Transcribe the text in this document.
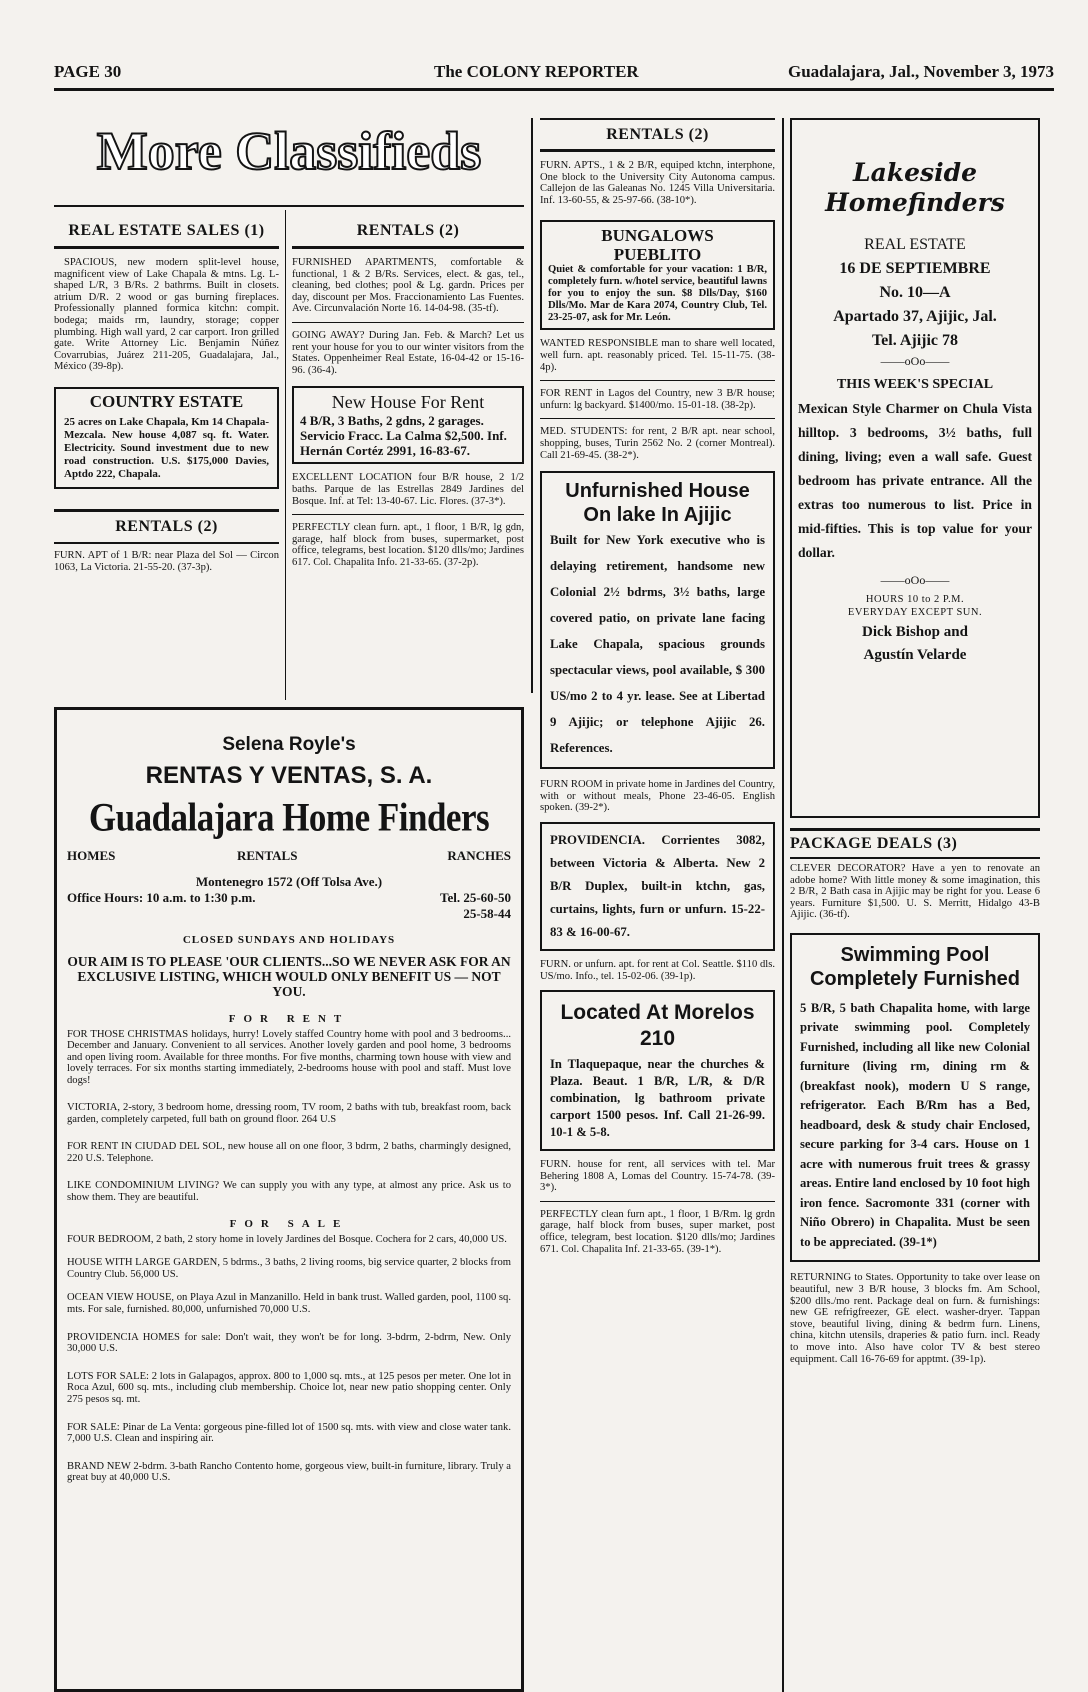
PAGE 30	The COLONY REPORTER	Guadalajara, Jal., November 3, 1973
More Classifieds
REAL ESTATE SALES (1)
SPACIOUS, new modern split-level house, magnificent view of Lake Chapala & mtns. Lg. L-shaped L/R, 3 B/Rs. 2 bathrms. Built in closets. atrium D/R. 2 wood or gas burning fireplaces. Professionally planned formica kitchn: compit. bodega; maids rm, laundry, storage; copper plumbing. High wall yard, 2 car carport. Iron grilled gate. Write Attorney Lic. Benjamin Núñez Covarrubias, Juárez 211-205, Guadalajara, Jal., México (39-8p).
COUNTRY ESTATE
25 acres on Lake Chapala, Km 14 Chapala-Mezcala. New house 4,087 sq. ft. Water. Electricity. Sound investment due to new road construction. U.S. $175,000 Davies, Aptdo 222, Chapala.
RENTALS (2)
FURN. APT of 1 B/R: near Plaza del Sol — Circon 1063, La Victoria. 21-55-20. (37-3p).
RENTALS (2)
FURNISHED APARTMENTS, comfortable & functional, 1 & 2 B/Rs. Services, elect. & gas, tel., cleaning, bed clothes; pool & Lg. gardn. Prices per day, discount per Mos. Fraccionamiento Las Fuentes. Ave. Circunvalación Norte 16. 14-04-98. (35-tf).
GOING AWAY? During Jan. Feb. & March? Let us rent your house for you to our winter visitors from the States. Oppenheimer Real Estate, 16-04-42 or 15-16-96. (36-4).
New House For Rent
4 B/R, 3 Baths, 2 gdns, 2 garages. Servicio Fracc. La Calma $2,500. Inf. Hernán Cortéz 2991, 16-83-67.
EXCELLENT LOCATION four B/R house, 2 1/2 baths. Parque de las Estrellas 2849 Jardines del Bosque. Inf. at Tel: 13-40-67. Lic. Flores. (37-3*).
PERFECTLY clean furn. apt., 1 floor, 1 B/R, lg gdn, garage, half block from buses, supermarket, post office, telegrams, best location. $120 dlls/mo; Jardines 617. Col. Chapalita Info. 21-33-65. (37-2p).
Selena Royle's
RENTAS Y VENTAS, S. A.
Guadalajara Home Finders
HOMES	RENTALS	RANCHES
Montenegro 1572 (Off Tolsa Ave.)
Office Hours: 10 a.m. to 1:30 p.m.	Tel. 25-60-50
25-58-44
CLOSED SUNDAYS AND HOLIDAYS
OUR AIM IS TO PLEASE 'OUR CLIENTS...SO WE NEVER ASK FOR AN EXCLUSIVE LISTING, WHICH WOULD ONLY BENEFIT US — NOT YOU.
FOR RENT
FOR THOSE CHRISTMAS holidays, hurry! Lovely staffed Country home with pool and 3 bedrooms... December and January. Convenient to all services. Another lovely garden and pool home, 3 bedrooms and open living room. Available for three months. For five months, charming town house with view and lovely terraces. For six months starting immediately, 2-bedrooms house with pool and staff. Must love dogs!
VICTORIA, 2-story, 3 bedroom home, dressing room, TV room, 2 baths with tub, breakfast room, back garden, completely carpeted, full bath on ground floor. 264 U.S
FOR RENT IN CIUDAD DEL SOL, new house all on one floor, 3 bdrm, 2 baths, charmingly designed, 220 U.S. Telephone.
LIKE CONDOMINIUM LIVING? We can supply you with any type, at almost any price. Ask us to show them. They are beautiful.
FOR SALE
FOUR BEDROOM, 2 bath, 2 story home in lovely Jardines del Bosque. Cochera for 2 cars, 40,000 US.
HOUSE WITH LARGE GARDEN, 5 bdrms., 3 baths, 2 living rooms, big service quarter, 2 blocks from Country Club. 56,000 US.
OCEAN VIEW HOUSE, on Playa Azul in Manzanillo. Held in bank trust. Walled garden, pool, 1100 sq. mts. For sale, furnished. 80,000, unfurnished 70,000 U.S.
PROVIDENCIA HOMES for sale: Don't wait, they won't be for long. 3-bdrm, 2-bdrm, New. Only 30,000 U.S.
LOTS FOR SALE: 2 lots in Galapagos, approx. 800 to 1,000 sq. mts., at 125 pesos per meter. One lot in Roca Azul, 600 sq. mts., including club membership. Choice lot, near new patio shopping center. Only 275 pesos sq. mt.
FOR SALE: Pinar de La Venta: gorgeous pine-filled lot of 1500 sq. mts. with view and close water tank. 7,000 U.S. Clean and inspiring air.
BRAND NEW 2-bdrm. 3-bath Rancho Contento home, gorgeous view, built-in furniture, library. Truly a great buy at 40,000 U.S.
RENTALS (2)
FURN. APTS., 1 & 2 B/R, equiped ktchn, interphone, One block to the University City Autonoma campus. Callejon de las Galeanas No. 1245 Villa Universitaria. Inf. 13-60-55, & 25-97-66. (38-10*).
BUNGALOWS PUEBLITO
Quiet & comfortable for your vacation: 1 B/R, completely furn. w/hotel service, beautiful lawns for you to enjoy the sun. $8 Dlls/Day, $160 Dlls/Mo. Mar de Kara 2074, Country Club, Tel. 23-25-07, ask for Mr. León.
WANTED RESPONSIBLE man to share well located, well furn. apt. reasonably priced. Tel. 15-11-75. (38-4p).
FOR RENT in Lagos del Country, new 3 B/R house; unfurn: lg backyard. $1400/mo. 15-01-18. (38-2p).
MED. STUDENTS: for rent, 2 B/R apt. near school, shopping, buses, Turin 2562 No. 2 (corner Montreal). Call 21-69-45. (38-2*).
Unfurnished House On lake In Ajijic
Built for New York executive who is delaying retirement, handsome new Colonial 2½ bdrms, 3½ baths, large covered patio, on private lane facing Lake Chapala, spacious grounds spectacular views, pool available, $ 300 US/mo 2 to 4 yr. lease. See at Libertad 9 Ajijic; or telephone Ajijic 26. References.
FURN ROOM in private home in Jardines del Country, with or without meals, Phone 23-46-05. English spoken. (39-2*).
PROVIDENCIA. Corrientes 3082, between Victoria & Alberta. New 2 B/R Duplex, built-in ktchn, gas, curtains, lights, furn or unfurn. 15-22-83 & 16-00-67.
FURN. or unfurn. apt. for rent at Col. Seattle. $110 dls. US/mo. Info., tel. 15-02-06. (39-1p).
Located At Morelos 210
In Tlaquepaque, near the churches & Plaza. Beaut. 1 B/R, L/R, & D/R combination, lg bathroom private carport 1500 pesos. Inf. Call 21-26-99. 10-1 & 5-8.
FURN. house for rent, all services with tel. Mar Behering 1808 A, Lomas del Country. 15-74-78. (39-3*).
PERFECTLY clean furn apt., 1 floor, 1 B/Rm. lg grdn garage, half block from buses, super market, post office, telegram, best location. $120 dlls/mo; Jardines 671. Col. Chapalita Inf. 21-33-65. (39-1*).
Lakeside Homefinders
REAL ESTATE
16 DE SEPTIEMBRE
No. 10—A
Apartado 37, Ajijic, Jal.
Tel. Ajijic 78
——oOo——
THIS WEEK'S SPECIAL
Mexican Style Charmer on Chula Vista hilltop. 3 bedrooms, 3½ baths, full dining, living; even a wall safe. Guest bedroom has private entrance. All the extras too numerous to list. Price in mid-fifties. This is top value for your dollar.
——oOo——
HOURS 10 to 2 P.M.
EVERYDAY EXCEPT SUN.
Dick Bishop and
Agustín Velarde
PACKAGE DEALS (3)
CLEVER DECORATOR? Have a yen to renovate an adobe home? With little money & some imagination, this 2 B/R, 2 Bath casa in Ajijic may be right for you. Lease 6 years. Furniture $1,500. U. S. Merritt, Hidalgo 43-B Ajijic. (36-tf).
Swimming Pool Completely Furnished
5 B/R, 5 bath Chapalita home, with large private swimming pool. Completely Furnished, including all like new Colonial furniture (living rm, dining rm & (breakfast nook), modern U S range, refrigerator. Each B/Rm has a Bed, headboard, desk & study chair Enclosed, secure parking for 3-4 cars. House on 1 acre with numerous fruit trees & grassy areas. Entire land enclosed by 10 foot high iron fence. Sacromonte 331 (corner with Niño Obrero) in Chapalita. Must be seen to be appreciated. (39-1*)
RETURNING to States. Opportunity to take over lease on beautiful, new 3 B/R house, 3 blocks fm. Am School, $200 dlls./mo rent. Package deal on furn. & furnishings: new GE refrigfreezer, GE elect. washer-dryer. Tappan stove, beautiful living, dining & bedrm furn. Linens, china, kitchn utensils, draperies & patio furn. incl. Ready to move into. Also have color TV & best stereo equipment. Call 16-76-69 for apptmt. (39-1p).
